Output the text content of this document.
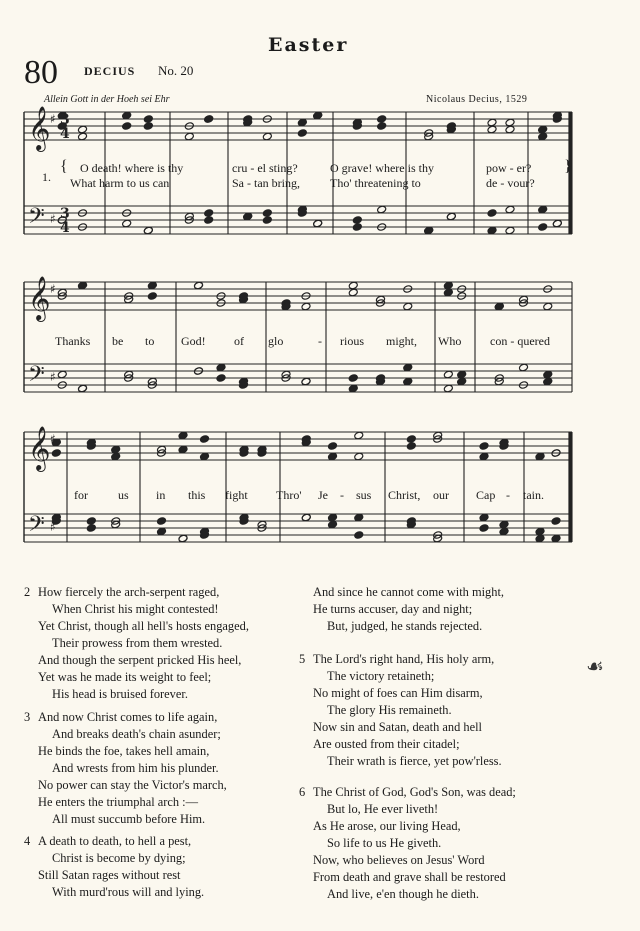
Easter
80 DECIUS No. 20
Allein Gott in der Hoeh sei Ehr	Nicolaus Decius, 1529
𝄞
𝄢
♯
♯
3
4
3
4
𝄞
𝄢
♯
♯
𝄞
𝄢
♯
♯
1.
{ O death! where is thy	cru - el sting?	O grave! where is thy	pow - er?
What harm to us can	Sa - tan bring,	Tho' threatening to	de - vour?
}
Thanks be to God! of glo	- rious might, Who con - quered
for	us in this fight Thro' Je - sus Christ, our Cap - tain.
2 How fiercely the arch-serpent raged,
When Christ his might contested!
Yet Christ, though all hell's hosts engaged,
Their prowess from them wrested.
And though the serpent pricked His heel,
Yet was he made its weight to feel;
His head is bruised forever.
3 And now Christ comes to life again,
And breaks death's chain asunder;
He binds the foe, takes hell amain,
And wrests from him his plunder.
No power can stay the Victor's march,
He enters the triumphal arch :—
All must succumb before Him.
4 A death to death, to hell a pest,
Christ is become by dying;
Still Satan rages without rest
With murd'rous will and lying.
And since he cannot come with might,
He turns accuser, day and night;
But, judged, he stands rejected.
5 The Lord's right hand, His holy arm,
The victory retaineth;
No might of foes can Him disarm,
The glory His remaineth.
Now sin and Satan, death and hell
Are ousted from their citadel;
Their wrath is fierce, yet pow'rless.
6 The Christ of God, God's Son, was dead;
But lo, He ever liveth!
As He arose, our living Head,
So life to us He giveth.
Now, who believes on Jesus' Word
From death and grave shall be restored
And live, e'en though he dieth.
☙
